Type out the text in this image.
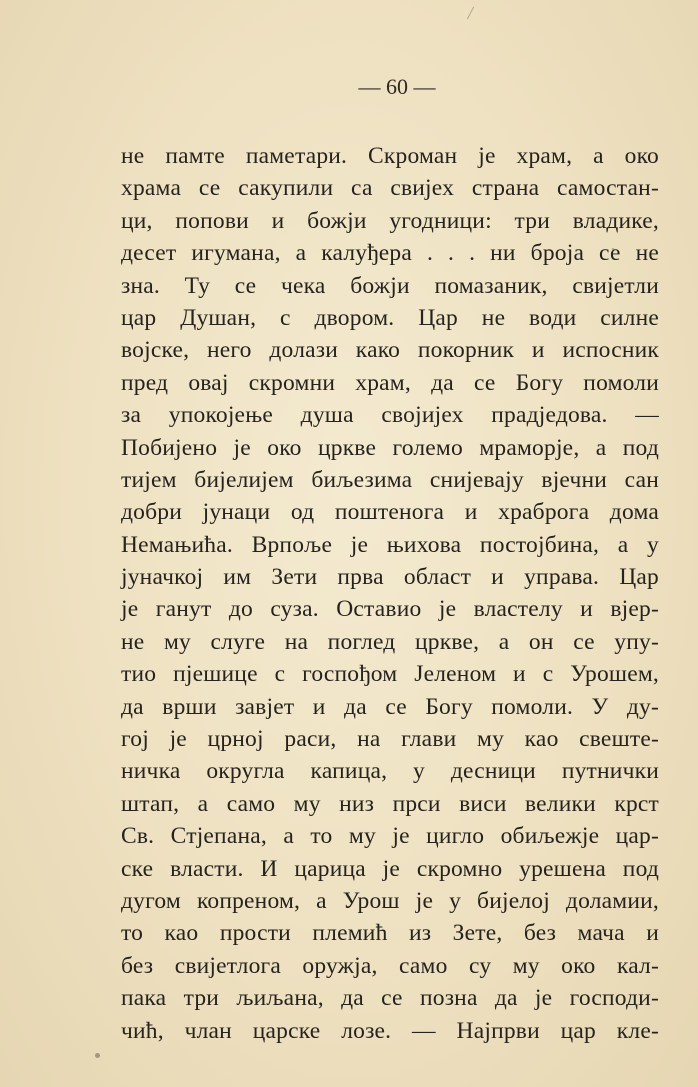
— 60 —
не памте паметари. Скроман је храм, а око
храма се сакупили са свијех страна самостан-
ци, попови и божји угодници: три владике,
десет игумана, а калуђера . . . ни броја се не
зна. Ту се чека божји помазаник, свијетли
цар Душан, с двором. Цар не води силне
војске, него долази како покорник и испосник
пред овај скромни храм, да се Богу помоли
за упокојење душа својијех прадједова. —
Побијено је око цркве големо мраморје, а под
тијем бијелијем биљезима снијевају вјечни сан
добри јунаци од поштенога и храброга дома
Немањића. Врпоље је њихова постојбина, а у
јуначкој им Зети прва област и управа. Цар
је ганут до суза. Оставио је властелу и вјер-
не му слуге на поглед цркве, а он се упу-
тио пјешице с госпођом Јеленом и с Урошем,
да врши завјет и да се Богу помоли. У ду-
гој је црној раси, на глави му као свеште-
ничка округла капица, у десници путнички
штап, а само му низ прси виси велики крст
Св. Стјепана, а то му је цигло обиљежје цар-
ске власти. И царица је скромно урешена под
дугом копреном, а Урош је у бијелој доламии,
то као прости племић из Зете, без мача и
без свијетлога оружја, само су му око кал-
пака три љиљана, да се позна да је господи-
чић, члан царске лозе. — Најпрви цар кле-
